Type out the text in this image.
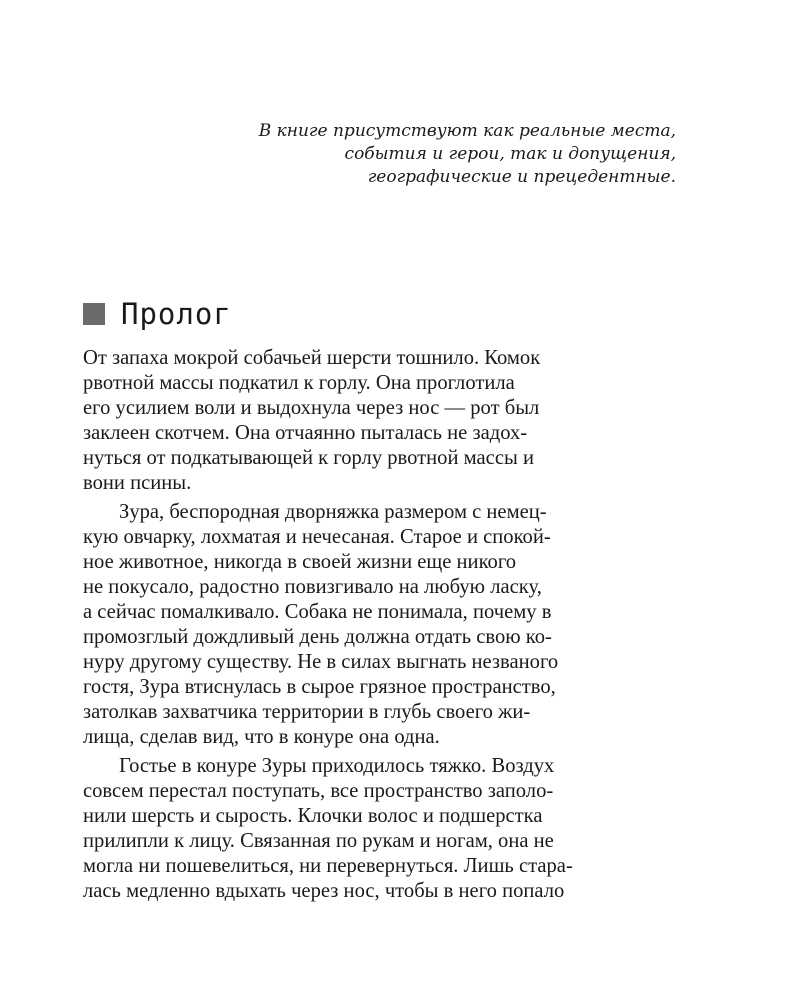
В книге присутствуют как реальные места,
события и герои, так и допущения,
географические и прецедентные.
Пролог

От запаха мокрой собачьей шерсти тошнило. Комок
рвотной массы подкатил к горлу. Она проглотила
его усилием воли и выдохнула через нос — рот был
заклеен скотчем. Она отчаянно пыталась не задох-
нуться от подкатывающей к горлу рвотной массы и
вони псины.

Зура, беспородная дворняжка размером с немец-
кую овчарку, лохматая и нечесаная. Старое и спокой-
ное животное, никогда в своей жизни еще никого
не покусало, радостно повизгивало на любую ласку,
а сейчас помалкивало. Собака не понимала, почему в
промозглый дождливый день должна отдать свою ко-
нуру другому существу. Не в силах выгнать незваного
гостя, Зура втиснулась в сырое грязное пространство,
затолкав захватчика территории в глубь своего жи-
лища, сделав вид, что в конуре она одна.

Гостье в конуре Зуры приходилось тяжко. Воздух
совсем перестал поступать, все пространство заполо-
нили шерсть и сырость. Клочки волос и подшерстка
прилипли к лицу. Связанная по рукам и ногам, она не
могла ни пошевелиться, ни перевернуться. Лишь стара-
лась медленно вдыхать через нос, чтобы в него попало
